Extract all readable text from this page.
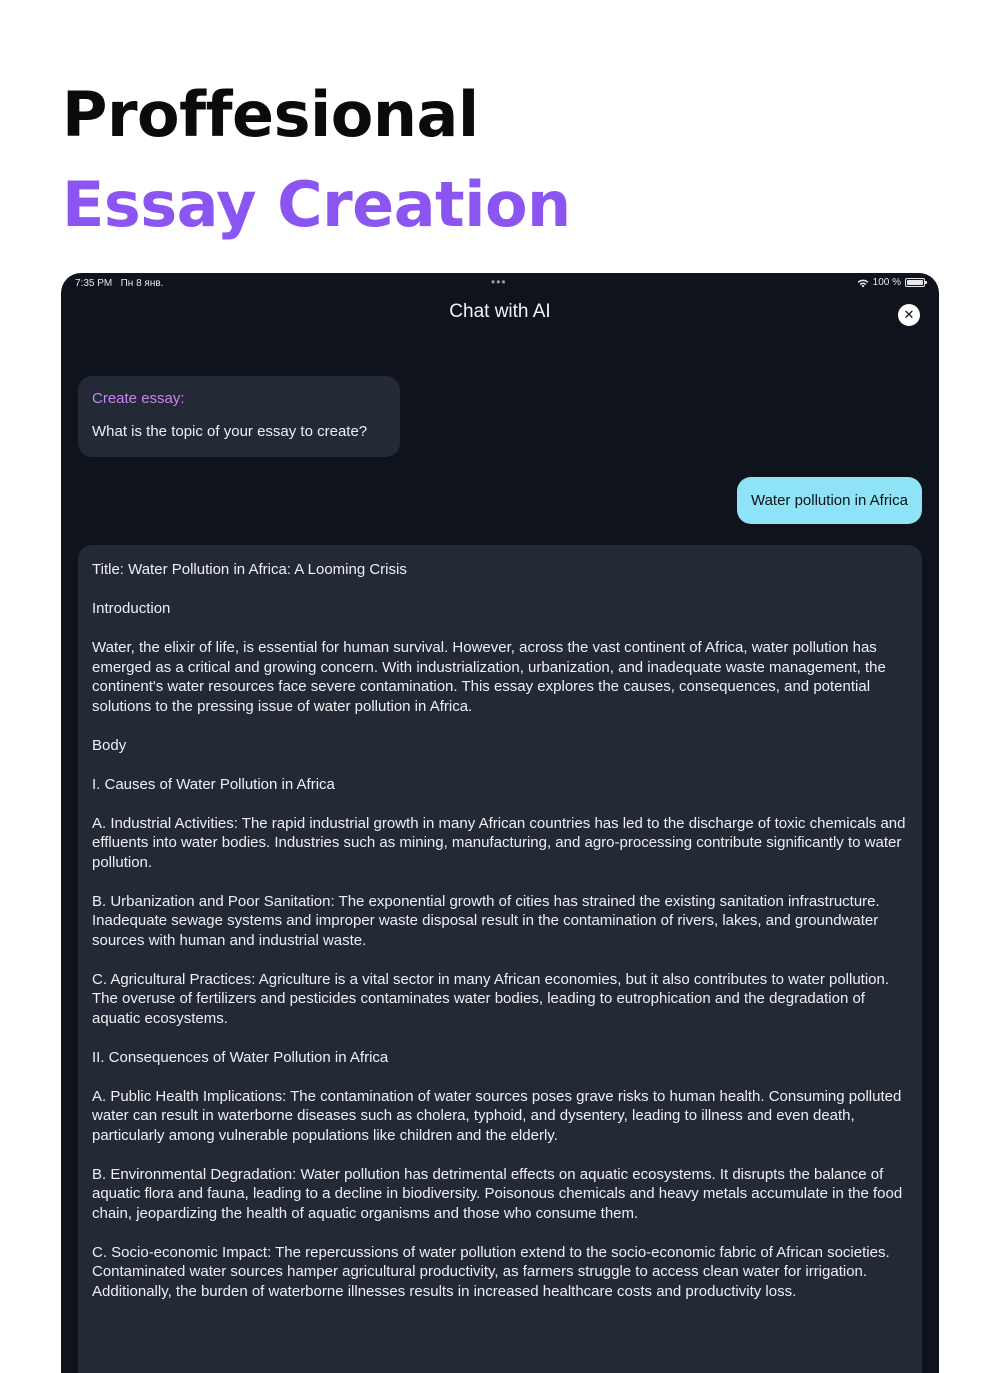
Proffesional
Essay Creation
7:35 PM Пн 8 янв.	•••	100 %
Chat with AI	✕
Create essay:
What is the topic of your essay to create?
Water pollution in Africa

Title: Water Pollution in Africa: A Looming Crisis

Introduction

Water, the elixir of life, is essential for human survival. However, across the vast continent of Africa, water pollution has emerged as a critical and growing concern. With industrialization, urbanization, and inadequate waste management, the continent's water resources face severe contamination. This essay explores the causes, consequences, and potential solutions to the pressing issue of water pollution in Africa.

Body

I. Causes of Water Pollution in Africa

A. Industrial Activities: The rapid industrial growth in many African countries has led to the discharge of toxic chemicals and effluents into water bodies. Industries such as mining, manufacturing, and agro-processing contribute significantly to water pollution.

B. Urbanization and Poor Sanitation: The exponential growth of cities has strained the existing sanitation infrastructure. Inadequate sewage systems and improper waste disposal result in the contamination of rivers, lakes, and groundwater sources with human and industrial waste.

C. Agricultural Practices: Agriculture is a vital sector in many African economies, but it also contributes to water pollution. The overuse of fertilizers and pesticides contaminates water bodies, leading to eutrophication and the degradation of aquatic ecosystems.

II. Consequences of Water Pollution in Africa

A. Public Health Implications: The contamination of water sources poses grave risks to human health. Consuming polluted water can result in waterborne diseases such as cholera, typhoid, and dysentery, leading to illness and even death, particularly among vulnerable populations like children and the elderly.

B. Environmental Degradation: Water pollution has detrimental effects on aquatic ecosystems. It disrupts the balance of aquatic flora and fauna, leading to a decline in biodiversity. Poisonous chemicals and heavy metals accumulate in the food chain, jeopardizing the health of aquatic organisms and those who consume them.

C. Socio-economic Impact: The repercussions of water pollution extend to the socio-economic fabric of African societies. Contaminated water sources hamper agricultural productivity, as farmers struggle to access clean water for irrigation. Additionally, the burden of waterborne illnesses results in increased healthcare costs and productivity loss.
